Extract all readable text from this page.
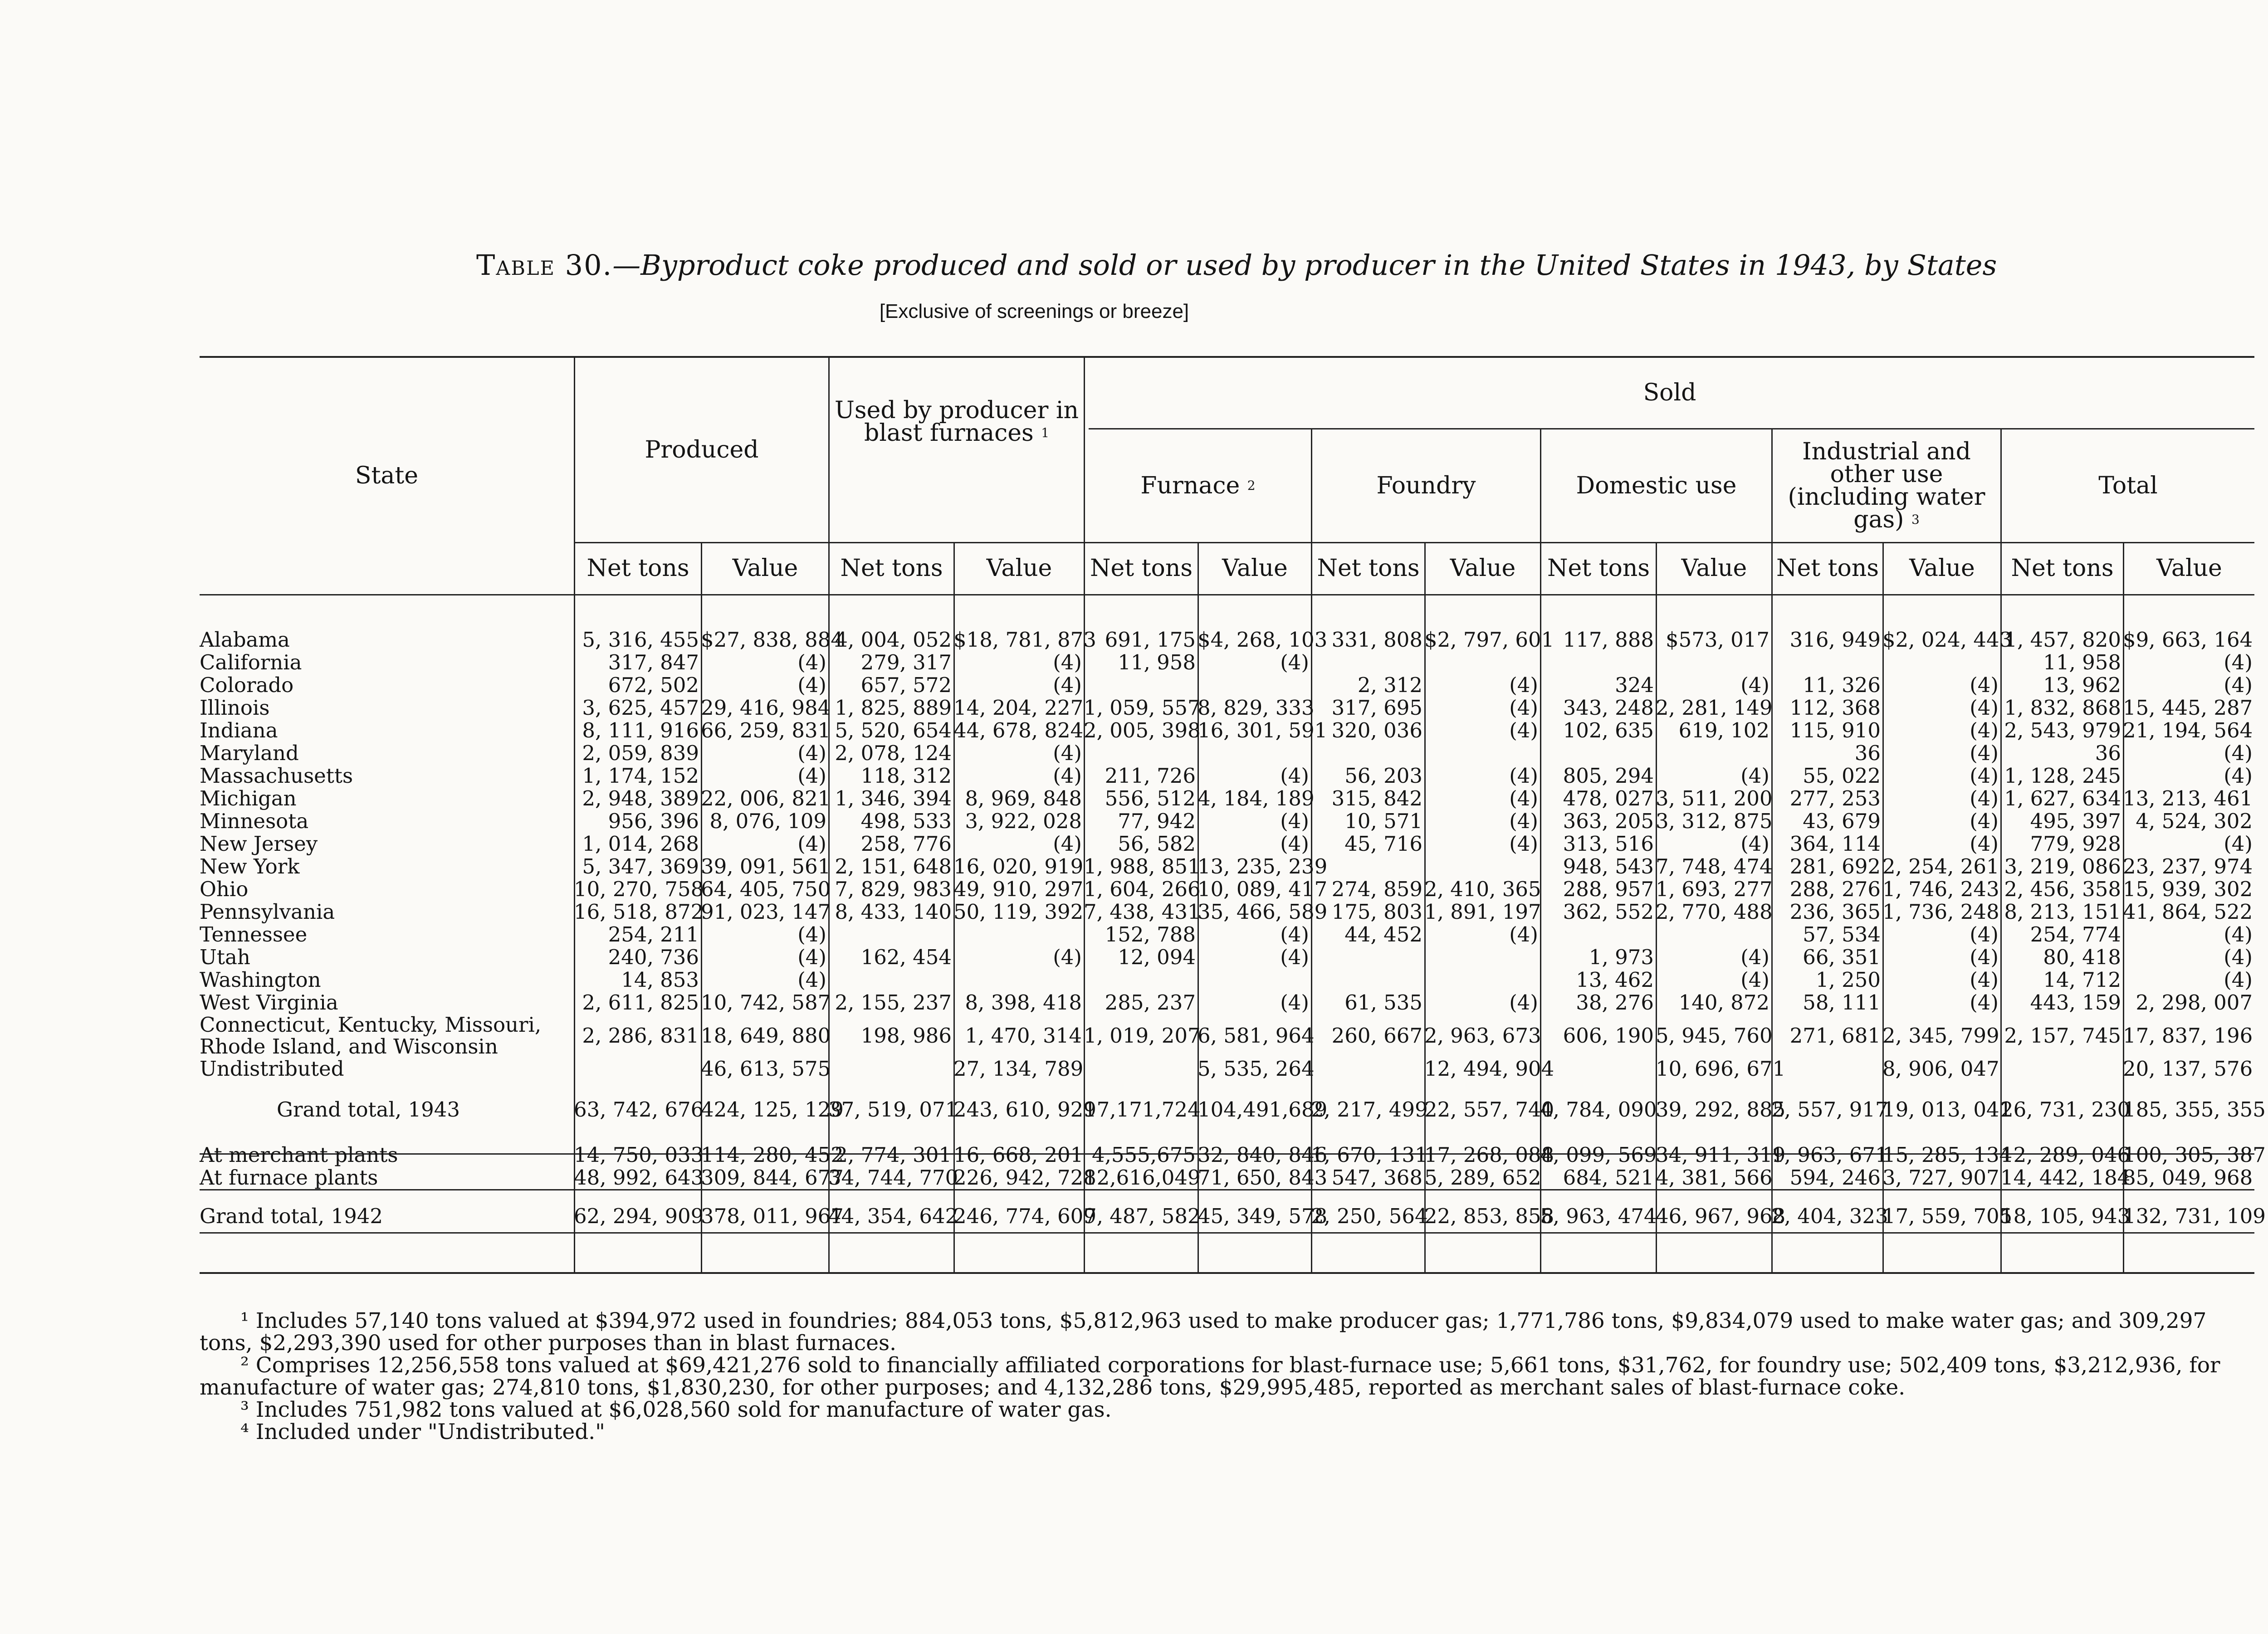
Table 30.—Byproduct coke produced and sold or used by producer in the United States in 1943, by States
[Exclusive of screenings or breeze]
State
Produced
Used by producer in blast furnaces $^1$
Sold
Furnace $^2$	Foundry	Domestic use
Industrial and other use (including water gas) $^3$
Total
Net tons	Value	Net tons	Value	Net tons	Value	Net tons	Value	Net tons	Value	Net tons	Value	Net tons	Value
Alabama	5, 316, 455	$27, 838, 884	4, 004, 052	$18, 781, 873	691, 175	$4, 268, 103	331, 808	$2, 797, 601	117, 888	$573, 017	316, 949	$2, 024, 443	1, 457, 820	$9, 663, 164
California	317, 847	(4)	279, 317	(4)	11, 958	(4)							11, 958	(4)
Colorado	672, 502	(4)	657, 572	(4)			2, 312	(4)	324	(4)	11, 326	(4)	13, 962	(4)
Illinois	3, 625, 457	29, 416, 984	1, 825, 889	14, 204, 227	1, 059, 557	8, 829, 333	317, 695	(4)	343, 248	2, 281, 149	112, 368	(4)	1, 832, 868	15, 445, 287
Indiana	8, 111, 916	66, 259, 831	5, 520, 654	44, 678, 824	2, 005, 398	16, 301, 591	320, 036	(4)	102, 635	619, 102	115, 910	(4)	2, 543, 979	21, 194, 564
Maryland	2, 059, 839	(4)	2, 078, 124	(4)							36	(4)	36	(4)
Massachusetts	1, 174, 152	(4)	118, 312	(4)	211, 726	(4)	56, 203	(4)	805, 294	(4)	55, 022	(4)	1, 128, 245	(4)
Michigan	2, 948, 389	22, 006, 821	1, 346, 394	8, 969, 848	556, 512	4, 184, 189	315, 842	(4)	478, 027	3, 511, 200	277, 253	(4)	1, 627, 634	13, 213, 461
Minnesota	956, 396	8, 076, 109	498, 533	3, 922, 028	77, 942	(4)	10, 571	(4)	363, 205	3, 312, 875	43, 679	(4)	495, 397	4, 524, 302
New Jersey	1, 014, 268	(4)	258, 776	(4)	56, 582	(4)	45, 716	(4)	313, 516	(4)	364, 114	(4)	779, 928	(4)
New York	5, 347, 369	39, 091, 561	2, 151, 648	16, 020, 919	1, 988, 851	13, 235, 239			948, 543	7, 748, 474	281, 692	2, 254, 261	3, 219, 086	23, 237, 974
Ohio	10, 270, 758	64, 405, 750	7, 829, 983	49, 910, 297	1, 604, 266	10, 089, 417	274, 859	2, 410, 365	288, 957	1, 693, 277	288, 276	1, 746, 243	2, 456, 358	15, 939, 302
Pennsylvania	16, 518, 872	91, 023, 147	8, 433, 140	50, 119, 392	7, 438, 431	35, 466, 589	175, 803	1, 891, 197	362, 552	2, 770, 488	236, 365	1, 736, 248	8, 213, 151	41, 864, 522
Tennessee	254, 211	(4)			152, 788	(4)	44, 452	(4)			57, 534	(4)	254, 774	(4)
Utah	240, 736	(4)	162, 454	(4)	12, 094	(4)			1, 973	(4)	66, 351	(4)	80, 418	(4)
Washington	14, 853	(4)							13, 462	(4)	1, 250	(4)	14, 712	(4)
West Virginia	2, 611, 825	10, 742, 587	2, 155, 237	8, 398, 418	285, 237	(4)	61, 535	(4)	38, 276	140, 872	58, 111	(4)	443, 159	2, 298, 007
Connecticut, Kentucky, Missouri, Rhode Island, and Wisconsin	2, 286, 831	18, 649, 880	198, 986	1, 470, 314	1, 019, 207	6, 581, 964	260, 667	2, 963, 673	606, 190	5, 945, 760	271, 681	2, 345, 799	2, 157, 745	17, 837, 196
Undistributed		46, 613, 575		27, 134, 789		5, 535, 264		12, 494, 904		10, 696, 671		8, 906, 047		20, 137, 576

Grand total, 1943	63, 742, 676	424, 125, 129	37, 519, 071	243, 610, 929	17,171,724	104,491,689	2, 217, 499	22, 557, 740	4, 784, 090	39, 292, 885	2, 557, 917	19, 013, 041	26, 731, 230	185, 355, 355

At merchant plants	14, 750, 033	114, 280, 452	2, 774, 301	16, 668, 201	4,555,675	32, 840, 846	1, 670, 131	17, 268, 088	4, 099, 569	34, 911, 319	1, 963, 671	15, 285, 134	12, 289, 046	100, 305, 387
At furnace plants	48, 992, 643	309, 844, 677	34, 744, 770	226, 942, 728	12,616,049	71, 650, 843	547, 368	5, 289, 652	684, 521	4, 381, 566	594, 246	3, 727, 907	14, 442, 184	85, 049, 968

Grand total, 1942	62, 294, 909	378, 011, 967	44, 354, 642	246, 774, 609	7, 487, 582	45, 349, 578	2, 250, 564	22, 853, 858	5, 963, 474	46, 967, 968	2, 404, 323	17, 559, 705	18, 105, 943	132, 731, 109

¹ Includes 57,140 tons valued at $394,972 used in foundries; 884,053 tons, $5,812,963 used to make producer gas; 1,771,786 tons, $9,834,079 used to make water gas; and 309,297 tons, $2,293,390 used for other purposes than in blast furnaces.

² Comprises 12,256,558 tons valued at $69,421,276 sold to financially affiliated corporations for blast-furnace use; 5,661 tons, $31,762, for foundry use; 502,409 tons, $3,212,936, for manufacture of water gas; 274,810 tons, $1,830,230, for other purposes; and 4,132,286 tons, $29,995,485, reported as merchant sales of blast-furnace coke.

³ Includes 751,982 tons valued at $6,028,560 sold for manufacture of water gas.

⁴ Included under "Undistributed."
